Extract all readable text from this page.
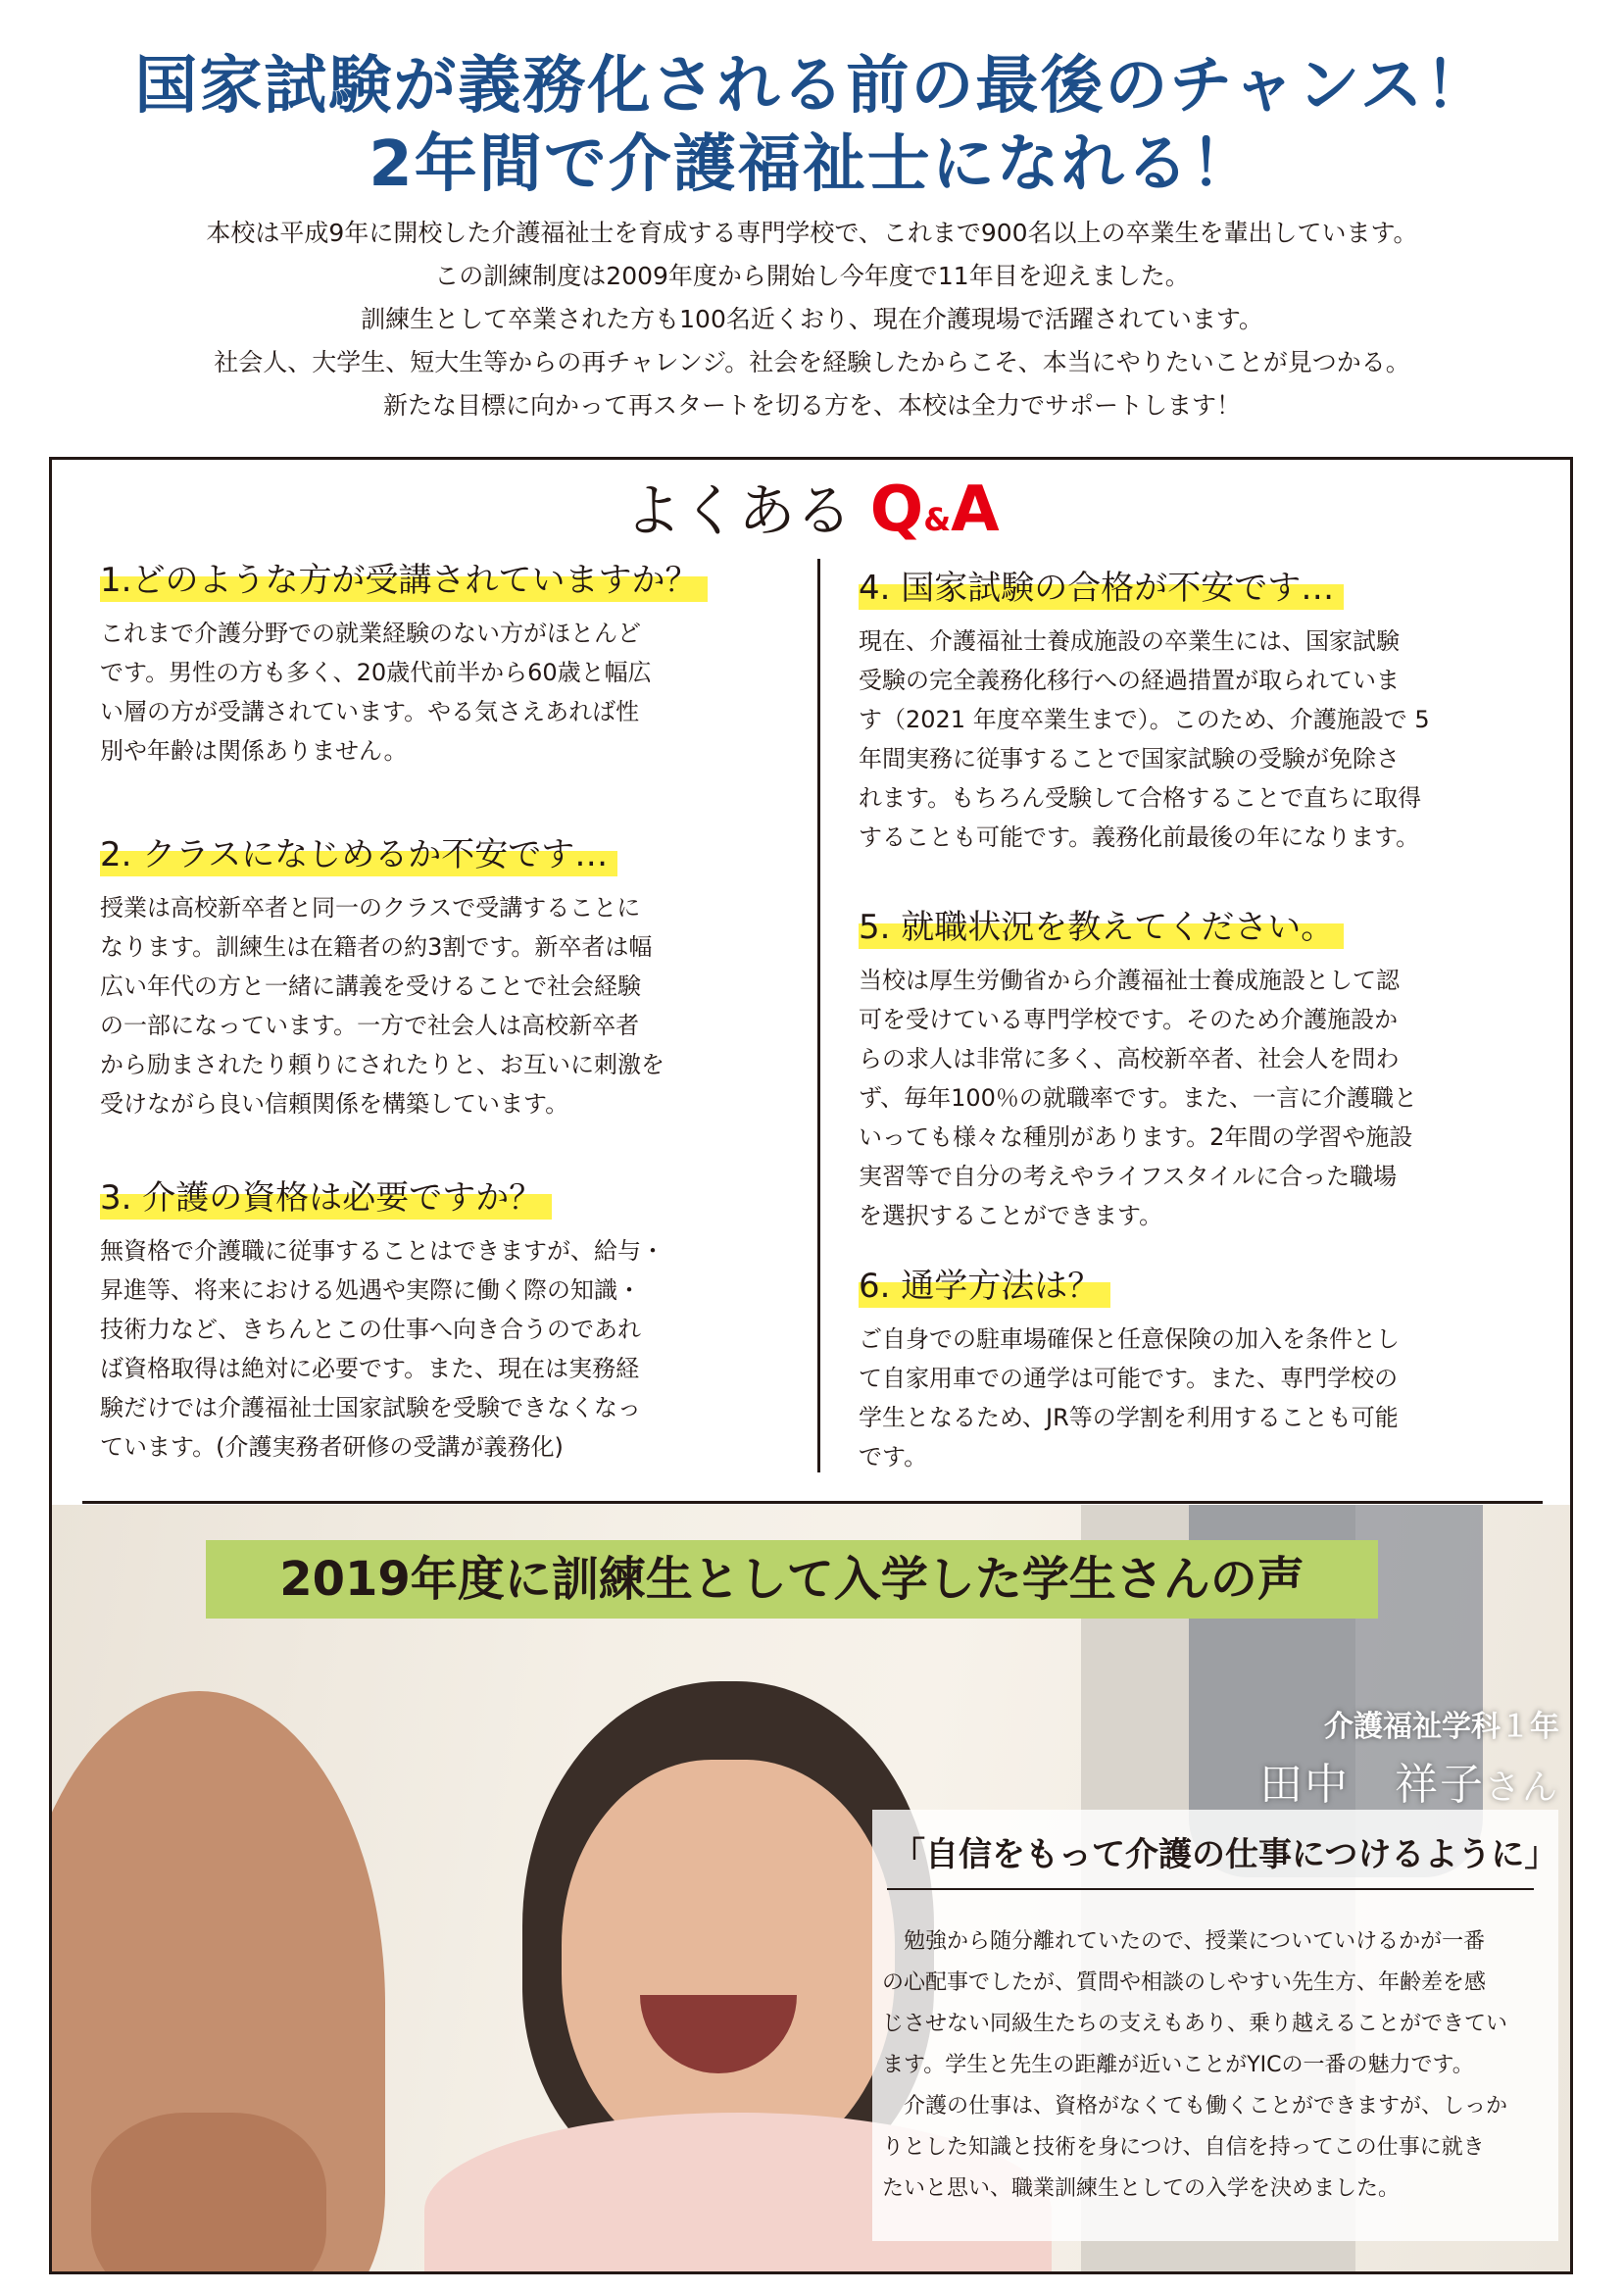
国家試験が義務化される前の最後のチャンス！
2年間で介護福祉士になれる！
本校は平成9年に開校した介護福祉士を育成する専門学校で、これまで900名以上の卒業生を輩出しています。
この訓練制度は2009年度から開始し今年度で11年目を迎えました。
訓練生として卒業された方も100名近くおり、現在介護現場で活躍されています。
社会人、大学生、短大生等からの再チャレンジ。社会を経験したからこそ、本当にやりたいことが見つかる。
新たな目標に向かって再スタートを切る方を、本校は全力でサポートします！
よくある Q&A
1.どのような方が受講されていますか？
これまで介護分野での就業経験のない方がほとんど
です。男性の方も多く、20歳代前半から60歳と幅広
い層の方が受講されています。やる気さえあれば性
別や年齢は関係ありません。
2. クラスになじめるか不安です…
授業は高校新卒者と同一のクラスで受講することに
なります。訓練生は在籍者の約3割です。新卒者は幅
広い年代の方と一緒に講義を受けることで社会経験
の一部になっています。一方で社会人は高校新卒者
から励まされたり頼りにされたりと、お互いに刺激を
受けながら良い信頼関係を構築しています。
3. 介護の資格は必要ですか？
無資格で介護職に従事することはできますが、給与・
昇進等、将来における処遇や実際に働く際の知識・
技術力など、きちんとこの仕事へ向き合うのであれ
ば資格取得は絶対に必要です。また、現在は実務経
験だけでは介護福祉士国家試験を受験できなくなっ
ています。(介護実務者研修の受講が義務化)
4. 国家試験の合格が不安です…
現在、介護福祉士養成施設の卒業生には、国家試験
受験の完全義務化移行への経過措置が取られていま
す（2021 年度卒業生まで）。このため、介護施設で 5
年間実務に従事することで国家試験の受験が免除さ
れます。もちろん受験して合格することで直ちに取得
することも可能です。義務化前最後の年になります。
5. 就職状況を教えてください。
当校は厚生労働省から介護福祉士養成施設として認
可を受けている専門学校です。そのため介護施設か
らの求人は非常に多く、高校新卒者、社会人を問わ
ず、毎年100％の就職率です。また、一言に介護職と
いっても様々な種別があります。2年間の学習や施設
実習等で自分の考えやライフスタイルに合った職場
を選択することができます。
6. 通学方法は？
ご自身での駐車場確保と任意保険の加入を条件とし
て自家用車での通学は可能です。また、専門学校の
学生となるため、JR等の学割を利用することも可能
です。
2019年度に訓練生として入学した学生さんの声
介護福祉学科１年
田中　祥子さん
「自信をもって介護の仕事につけるように」
　勉強から随分離れていたので、授業についていけるかが一番
の心配事でしたが、質問や相談のしやすい先生方、年齢差を感
じさせない同級生たちの支えもあり、乗り越えることができてい
ます。学生と先生の距離が近いことがYICの一番の魅力です。
　介護の仕事は、資格がなくても働くことができますが、しっか
りとした知識と技術を身につけ、自信を持ってこの仕事に就き
たいと思い、職業訓練生としての入学を決めました。
